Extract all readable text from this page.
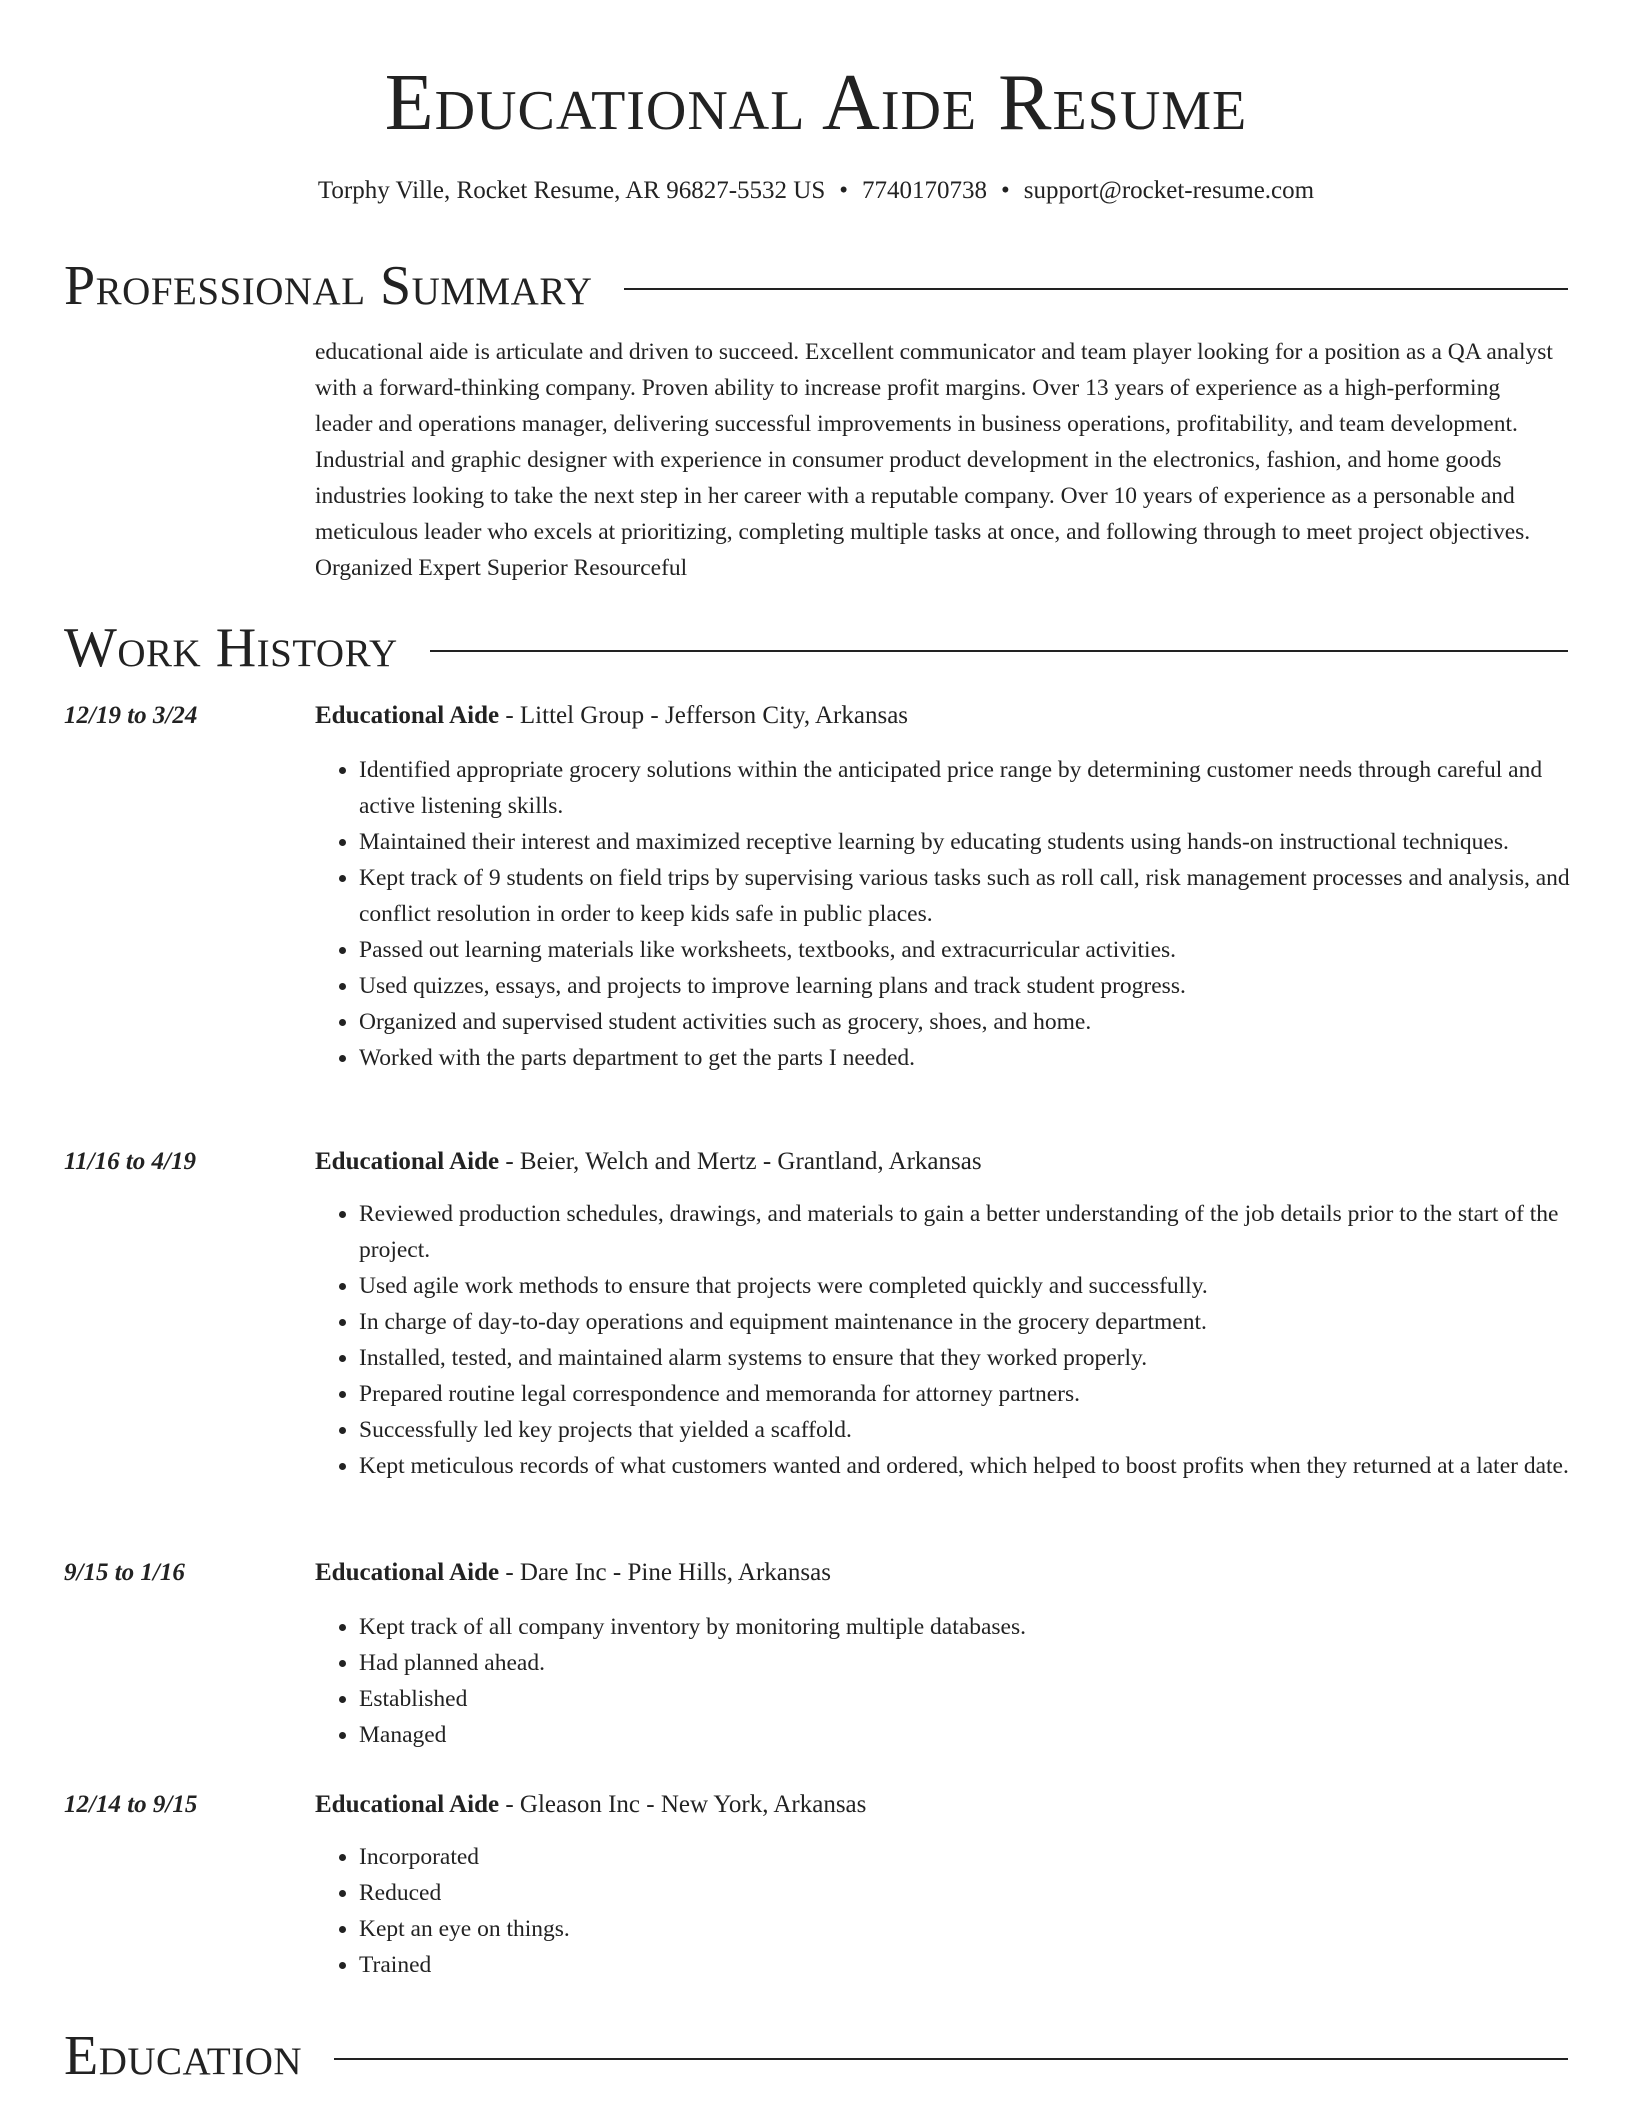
Educational Aide Resume
Torphy Ville, Rocket Resume, AR 96827-5532 US • 7740170738 • support@rocket-resume.com
Professional Summary

educational aide is articulate and driven to succeed. Excellent communicator and team player looking for a position as a QA analyst with a forward-thinking company. Proven ability to increase profit margins. Over 13 years of experience as a high-performing leader and operations manager, delivering successful improvements in business operations, profitability, and team development. Industrial and graphic designer with experience in consumer product development in the electronics, fashion, and home goods industries looking to take the next step in her career with a reputable company. Over 10 years of experience as a personable and meticulous leader who excels at prioritizing, completing multiple tasks at once, and following through to meet project objectives. Organized Expert Superior Resourceful

Work History
12/19 to 3/24	Educational Aide - Littel Group - Jefferson City, Arkansas
• Identified appropriate grocery solutions within the anticipated price range by determining customer needs through careful and active listening skills.
• Maintained their interest and maximized receptive learning by educating students using hands-on instructional techniques.
• Kept track of 9 students on field trips by supervising various tasks such as roll call, risk management processes and analysis, and conflict resolution in order to keep kids safe in public places.
• Passed out learning materials like worksheets, textbooks, and extracurricular activities.
• Used quizzes, essays, and projects to improve learning plans and track student progress.
• Organized and supervised student activities such as grocery, shoes, and home.
• Worked with the parts department to get the parts I needed.
11/16 to 4/19	Educational Aide - Beier, Welch and Mertz - Grantland, Arkansas
• Reviewed production schedules, drawings, and materials to gain a better understanding of the job details prior to the start of the project.
• Used agile work methods to ensure that projects were completed quickly and successfully.
• In charge of day-to-day operations and equipment maintenance in the grocery department.
• Installed, tested, and maintained alarm systems to ensure that they worked properly.
• Prepared routine legal correspondence and memoranda for attorney partners.
• Successfully led key projects that yielded a scaffold.
• Kept meticulous records of what customers wanted and ordered, which helped to boost profits when they returned at a later date.
9/15 to 1/16	Educational Aide - Dare Inc - Pine Hills, Arkansas
• Kept track of all company inventory by monitoring multiple databases.
• Had planned ahead.
• Established
• Managed
12/14 to 9/15	Educational Aide - Gleason Inc - New York, Arkansas
• Incorporated
• Reduced
• Kept an eye on things.
• Trained
Education
